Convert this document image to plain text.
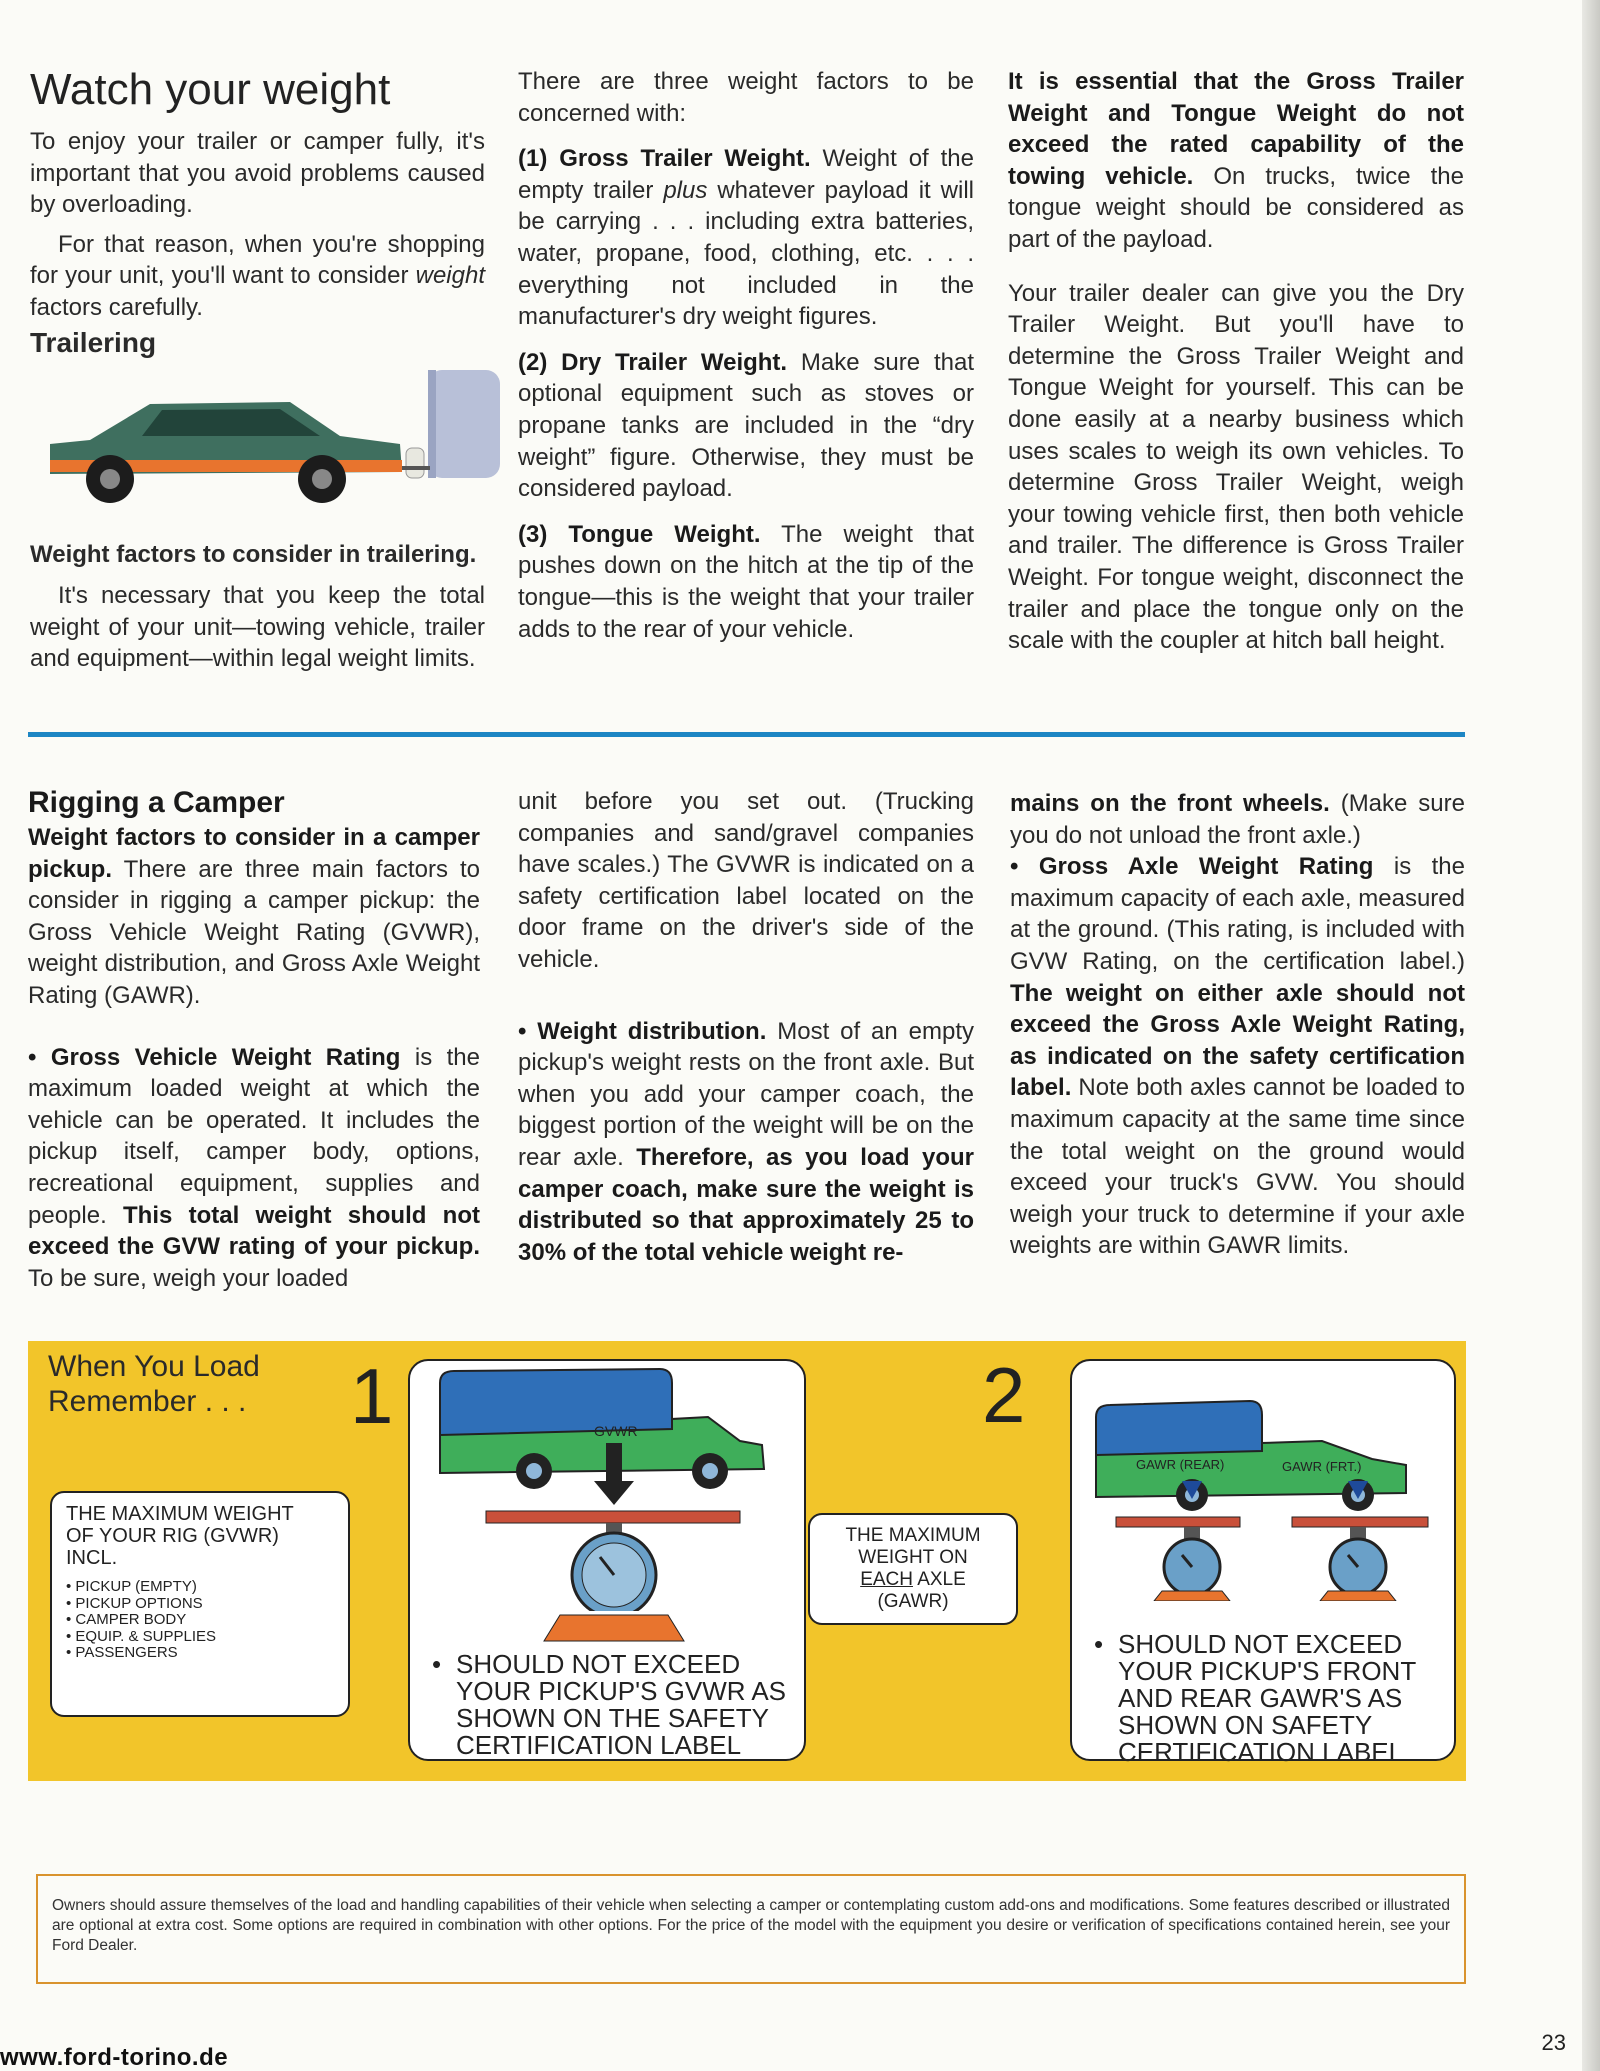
Watch your weight

To enjoy your trailer or camper fully, it's important that you avoid problems caused by overloading.

For that reason, when you're shopping for your unit, you'll want to consider weight factors carefully.

Trailering
Weight factors to consider in trailering.

It's necessary that you keep the total weight of your unit—towing vehicle, trailer and equipment—within legal weight limits.

There are three weight factors to be concerned with:

(1) Gross Trailer Weight. Weight of the empty trailer plus whatever payload it will be carrying . . . including extra batteries, water, propane, food, clothing, etc. . . . everything not included in the manufacturer's dry weight figures.

(2) Dry Trailer Weight. Make sure that optional equipment such as stoves or propane tanks are included in the “dry weight” figure. Otherwise, they must be considered payload.

(3) Tongue Weight. The weight that pushes down on the hitch at the tip of the tongue—this is the weight that your trailer adds to the rear of your vehicle.

It is essential that the Gross Trailer Weight and Tongue Weight do not exceed the rated capability of the towing vehicle. On trucks, twice the tongue weight should be considered as part of the payload.

Your trailer dealer can give you the Dry Trailer Weight. But you'll have to determine the Gross Trailer Weight and Tongue Weight for yourself. This can be done easily at a nearby business which uses scales to weigh its own vehicles. To determine Gross Trailer Weight, weigh your towing vehicle first, then both vehicle and trailer. The difference is Gross Trailer Weight. For tongue weight, disconnect the trailer and place the tongue only on the scale with the coupler at hitch ball height.

Rigging a Camper

Weight factors to consider in a camper pickup. There are three main factors to consider in rigging a camper pickup: the Gross Vehicle Weight Rating (GVWR), weight distribution, and Gross Axle Weight Rating (GAWR).

• Gross Vehicle Weight Rating is the maximum loaded weight at which the vehicle can be operated. It includes the pickup itself, camper body, options, recreational equipment, supplies and people. This total weight should not exceed the GVW rating of your pickup. To be sure, weigh your loaded

unit before you set out. (Trucking companies and sand/gravel companies have scales.) The GVWR is indicated on a safety certification label located on the door frame on the driver's side of the vehicle.

• Weight distribution. Most of an empty pickup's weight rests on the front axle. But when you add your camper coach, the biggest portion of the weight will be on the rear axle. Therefore, as you load your camper coach, make sure the weight is distributed so that approximately 25 to 30% of the total vehicle weight re-

mains on the front wheels. (Make sure you do not unload the front axle.)

• Gross Axle Weight Rating is the maximum capacity of each axle, measured at the ground. (This rating, is included with GVW Rating, on the certification label.) The weight on either axle should not exceed the Gross Axle Weight Rating, as indicated on the safety certification label. Note both axles cannot be loaded to maximum capacity at the same time since the total weight on the ground would exceed your truck's GVW. You should weigh your truck to determine if your axle weights are within GAWR limits.

When You Load
Remember . . . 1	2
THE MAXIMUM WEIGHT
OF YOUR RIG (GVWR)
INCL.
• PICKUP (EMPTY)
• PICKUP OPTIONS
• CAMPER BODY
• EQUIP. & SUPPLIES
• PASSENGERS
GVWR
• SHOULD NOT EXCEED YOUR PICKUP'S GVWR AS SHOWN ON THE SAFETY CERTIFICATION LABEL
THE MAXIMUM
WEIGHT ON
EACH AXLE
(GAWR)
GAWR (REAR)	GAWR (FRT.)
• SHOULD NOT EXCEED YOUR PICKUP'S FRONT AND REAR GAWR'S AS SHOWN ON SAFETY CERTIFICATION LABEL
Owners should assure themselves of the load and handling capabilities of their vehicle when selecting a camper or contemplating custom add-ons and modifications. Some features described or illustrated are optional at extra cost. Some options are required in combination with other options. For the price of the model with the equipment you desire or verification of specifications contained herein, see your Ford Dealer.
23
www.ford-torino.de
